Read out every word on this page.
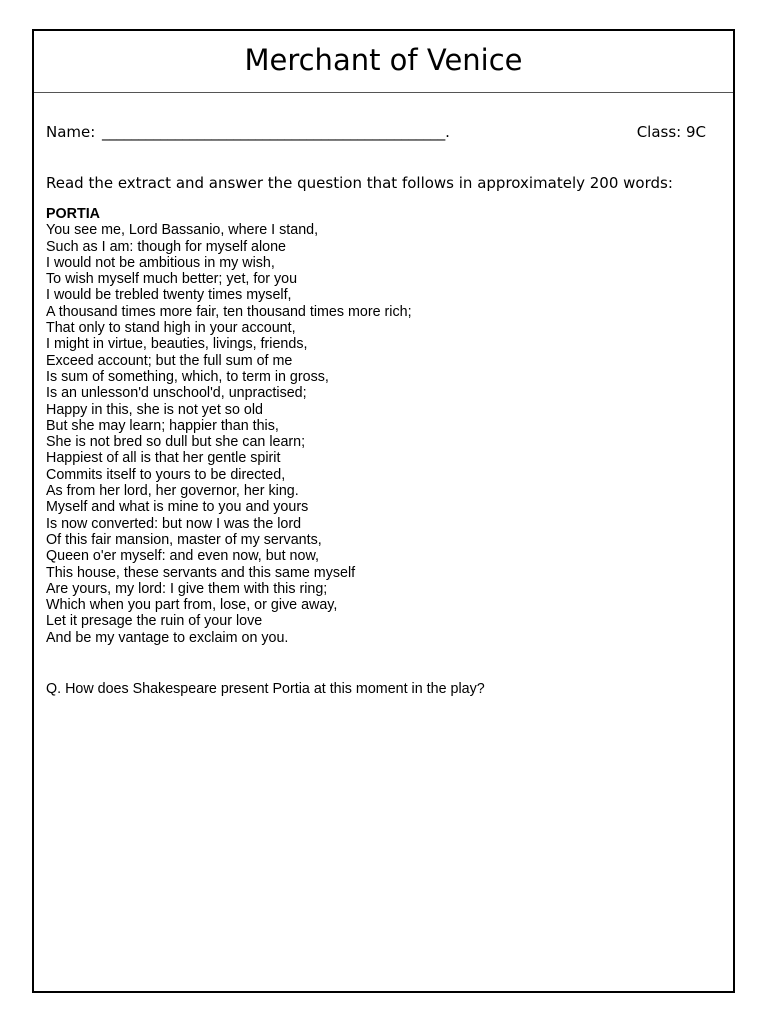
Merchant of Venice
Name: _______________________________________________.	Class: 9C
Read the extract and answer the question that follows in approximately 200 words:
PORTIA
You see me, Lord Bassanio, where I stand,
Such as I am: though for myself alone
I would not be ambitious in my wish,
To wish myself much better; yet, for you
I would be trebled twenty times myself,
A thousand times more fair, ten thousand times more rich;
That only to stand high in your account,
I might in virtue, beauties, livings, friends,
Exceed account; but the full sum of me
Is sum of something, which, to term in gross,
Is an unlesson'd unschool'd, unpractised;
Happy in this, she is not yet so old
But she may learn; happier than this,
She is not bred so dull but she can learn;
Happiest of all is that her gentle spirit
Commits itself to yours to be directed,
As from her lord, her governor, her king.
Myself and what is mine to you and yours
Is now converted: but now I was the lord
Of this fair mansion, master of my servants,
Queen o'er myself: and even now, but now,
This house, these servants and this same myself
Are yours, my lord: I give them with this ring;
Which when you part from, lose, or give away,
Let it presage the ruin of your love
And be my vantage to exclaim on you.
Q. How does Shakespeare present Portia at this moment in the play?
